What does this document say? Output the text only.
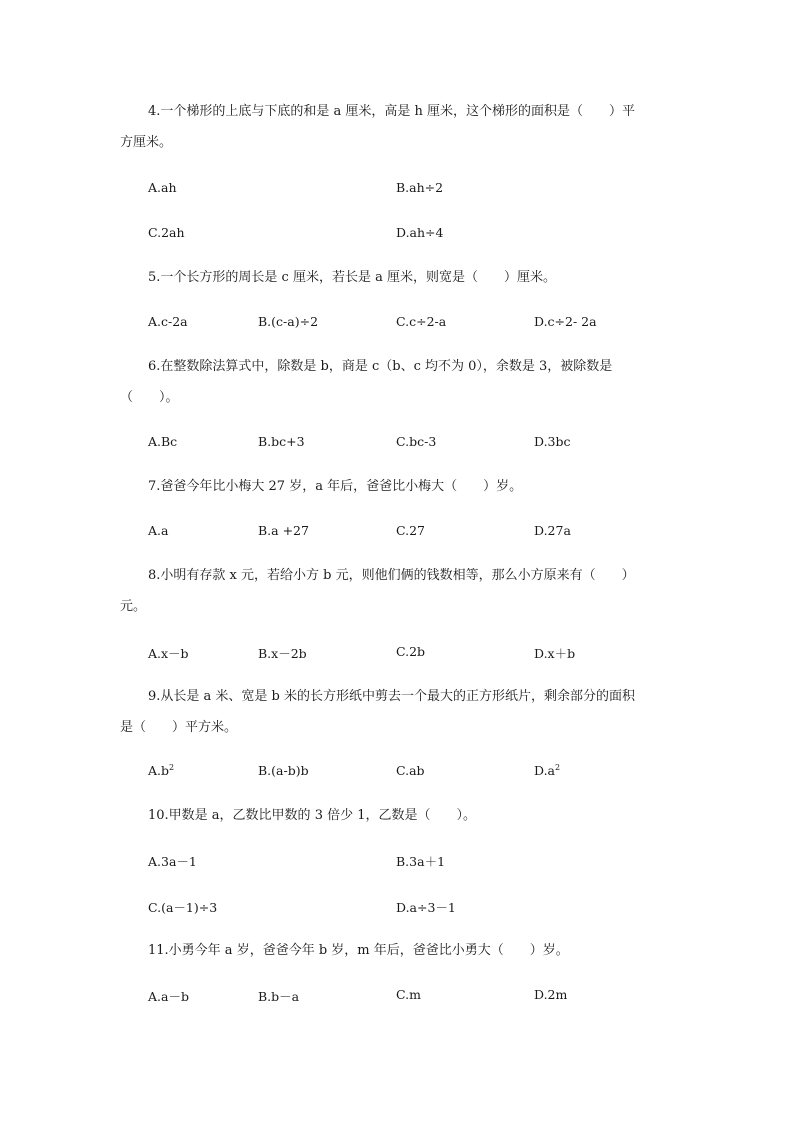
4.一个梯形的上底与下底的和是 a 厘米，高是 h 厘米，这个梯形的面积是（　　）平
方厘米。
A.ah	B.ah÷2
C.2ah	D.ah÷4
5.一个长方形的周长是 c 厘米，若长是 a 厘米，则宽是（　　）厘米。
A.c-2a	B.(c-a)÷2	C.c÷2-a	D.c÷2- 2a
6.在整数除法算式中，除数是 b，商是 c（b、c 均不为 0），余数是 3，被除数是
（　　）。
A.Bc	B.bc+3	C.bc-3	D.3bc
7.爸爸今年比小梅大 27 岁，a 年后，爸爸比小梅大（　　）岁。
A.a	B.a +27	C.27	D.27a
8.小明有存款 x 元，若给小方 b 元，则他们俩的钱数相等，那么小方原来有（　　）
元。
A.x－b	B.x－2b	C.2b	D.x＋b
9.从长是 a 米、宽是 b 米的长方形纸中剪去一个最大的正方形纸片，剩余部分的面积
是（　　）平方米。
$A.b^2$	B.(a-b)b	C.ab	$D.a^2$
10.甲数是 a，乙数比甲数的 3 倍少 1，乙数是（　　）。
A.3a－1	B.3a＋1
C.(a－1)÷3	D.a÷3－1
11.小勇今年 a 岁，爸爸今年 b 岁，m 年后，爸爸比小勇大（　　）岁。
A.a－b	B.b－a	C.m	D.2m
